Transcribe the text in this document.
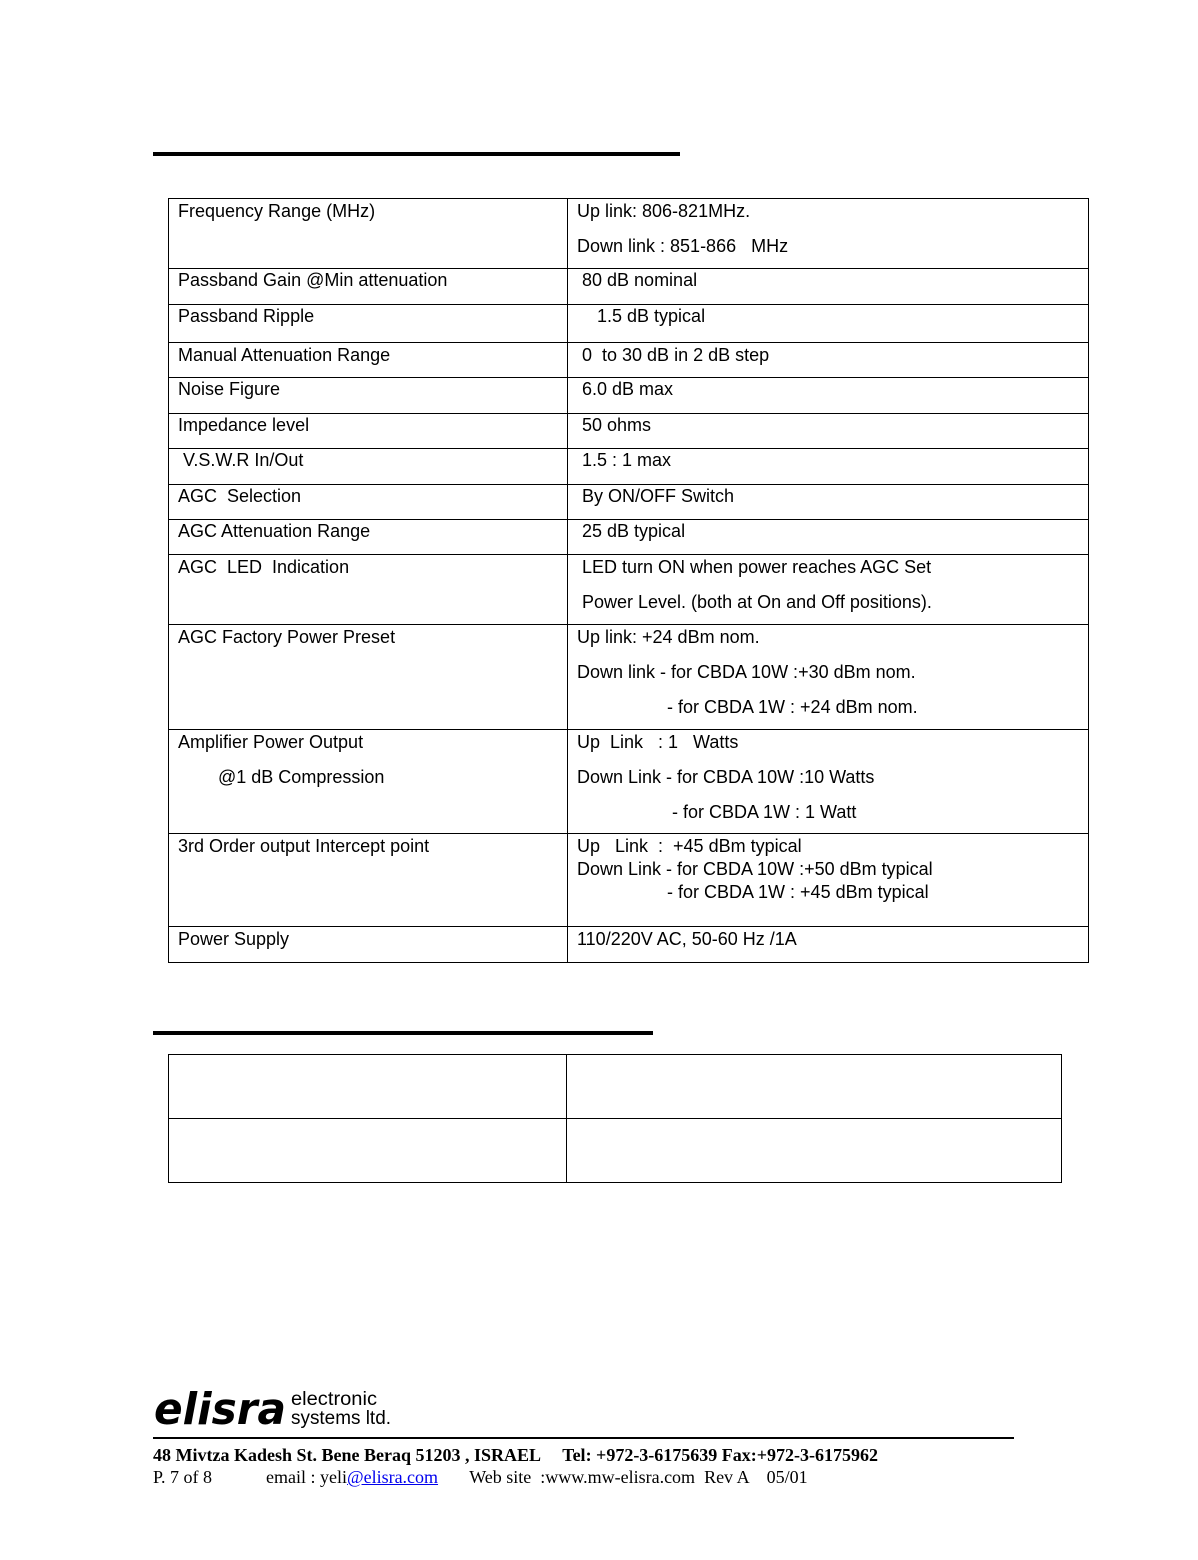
Frequency Range (MHz)	Up link: 806-821MHz.
Down link : 851-866   MHz

Passband Gain @Min attenuation	80 dB nominal

Passband Ripple	1.5 dB typical

Manual Attenuation Range	0  to 30 dB in 2 dB step

Noise Figure	6.0 dB max

Impedance level	50 ohms

V.S.W.R In/Out	1.5 : 1 max

AGC  Selection	By ON/OFF Switch

AGC Attenuation Range	25 dB typical

AGC  LED  Indication	LED turn ON when power reaches AGC Set
Power Level. (both at On and Off positions).

AGC Factory Power Preset	Up link: +24 dBm nom.
Down link - for CBDA 10W :+30 dBm nom.
- for CBDA 1W : +24 dBm nom.

Amplifier Power Output
@1 dB Compression	Up  Link   : 1   Watts
Down Link - for CBDA 10W :10 Watts
- for CBDA 1W : 1 Watt

3rd Order output Intercept point	Up   Link  :  +45 dBm typical
Down Link - for CBDA 10W :+50 dBm typical
- for CBDA 1W : +45 dBm typical

Power Supply	110/220V AC, 50-60 Hz /1A

elisra electronic
systems ltd.
48 Mivtza Kadesh St. Bene Beraq 51203 , ISRAEL Tel: +972-3-6175639 Fax:+972-3-6175962
P. 7 of 8	email : yeli@elisra.com Web site  :www.mw-elisra.com Rev A 05/01
